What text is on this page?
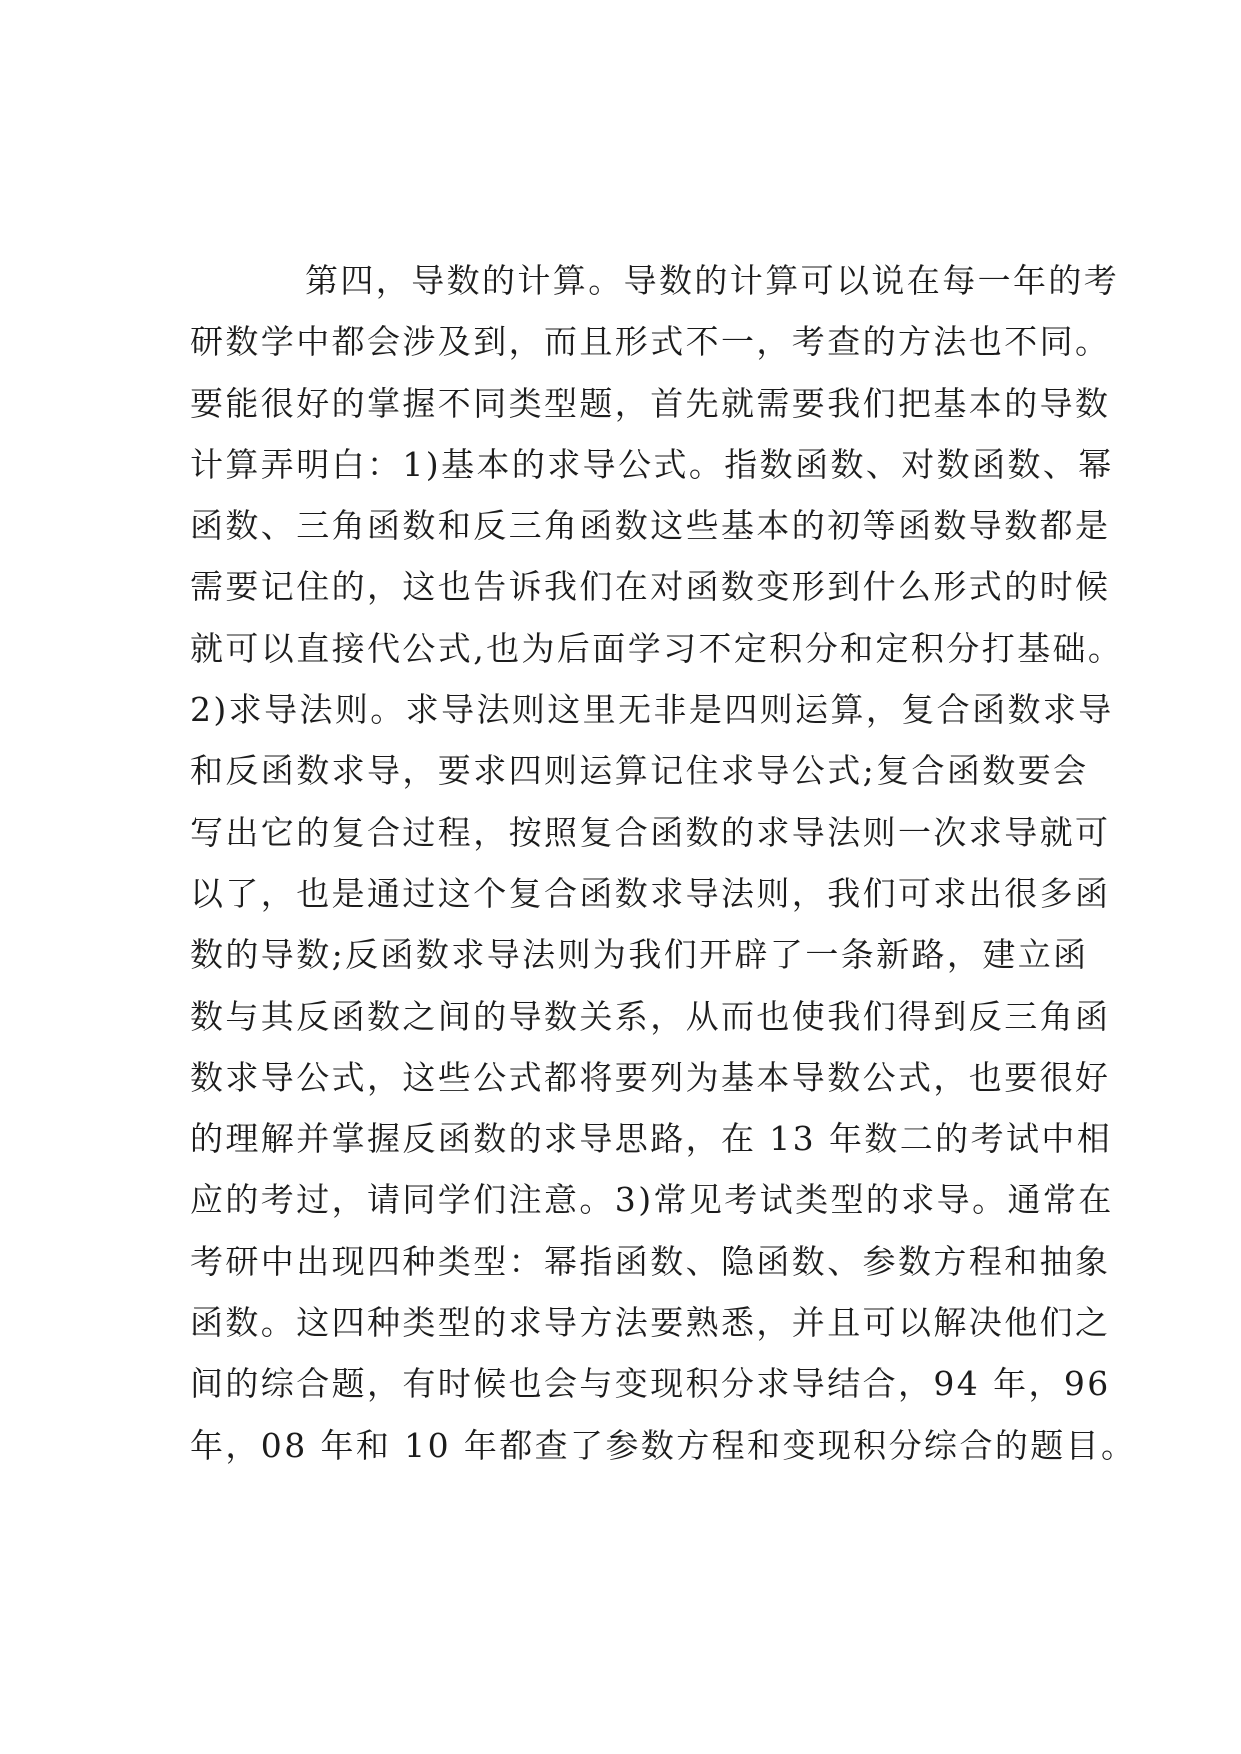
第四，导数的计算。导数的计算可以说在每一年的考
研数学中都会涉及到，而且形式不一，考查的方法也不同。
要能很好的掌握不同类型题，首先就需要我们把基本的导数
计算弄明白：1)基本的求导公式。指数函数、对数函数、幂
函数、三角函数和反三角函数这些基本的初等函数导数都是
需要记住的，这也告诉我们在对函数变形到什么形式的时候
就可以直接代公式,也为后面学习不定积分和定积分打基础。
2)求导法则。求导法则这里无非是四则运算，复合函数求导
和反函数求导，要求四则运算记住求导公式;复合函数要会
写出它的复合过程，按照复合函数的求导法则一次求导就可
以了，也是通过这个复合函数求导法则，我们可求出很多函
数的导数;反函数求导法则为我们开辟了一条新路，建立函
数与其反函数之间的导数关系，从而也使我们得到反三角函
数求导公式，这些公式都将要列为基本导数公式，也要很好
的理解并掌握反函数的求导思路，在 13 年数二的考试中相
应的考过，请同学们注意。3)常见考试类型的求导。通常在
考研中出现四种类型：幂指函数、隐函数、参数方程和抽象
函数。这四种类型的求导方法要熟悉，并且可以解决他们之
间的综合题，有时候也会与变现积分求导结合，94 年，96
年，08 年和 10 年都查了参数方程和变现积分综合的题目。
